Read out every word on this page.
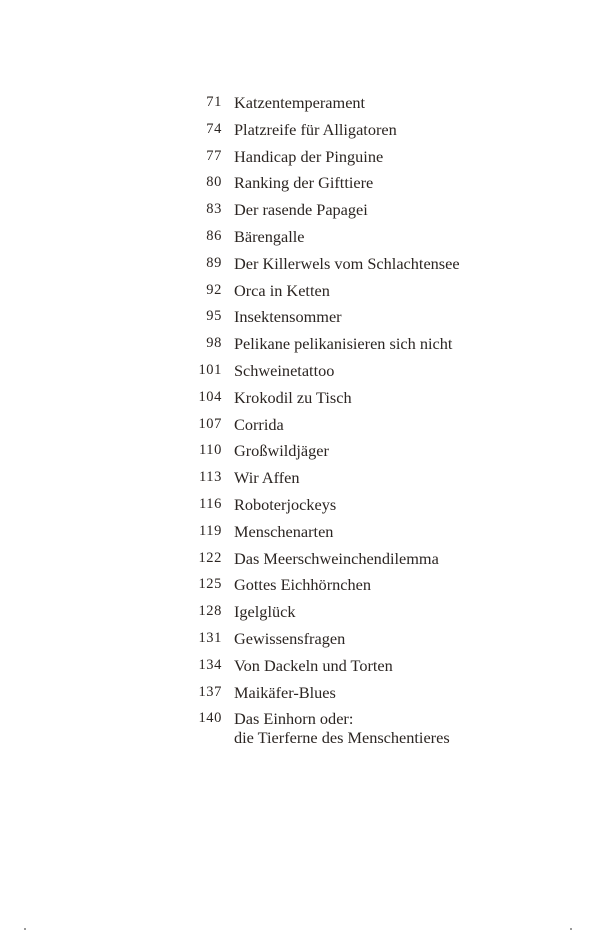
71 Katzentemperament
74 Platzreife für Alligatoren
77 Handicap der Pinguine
80 Ranking der Gifttiere
83 Der rasende Papagei
86 Bärengalle
89 Der Killerwels vom Schlachtensee
92 Orca in Ketten
95 Insektensommer
98 Pelikane pelikanisieren sich nicht
101 Schweinetattoo
104 Krokodil zu Tisch
107 Corrida
110 Großwildjäger
113 Wir Affen
116 Roboterjockeys
119 Menschenarten
122 Das Meerschweinchendilemma
125 Gottes Eichhörnchen
128 Igelglück
131 Gewissensfragen
134 Von Dackeln und Torten
137 Maikäfer-Blues
140 Das Einhorn oder:
die Tierferne des Menschentieres
